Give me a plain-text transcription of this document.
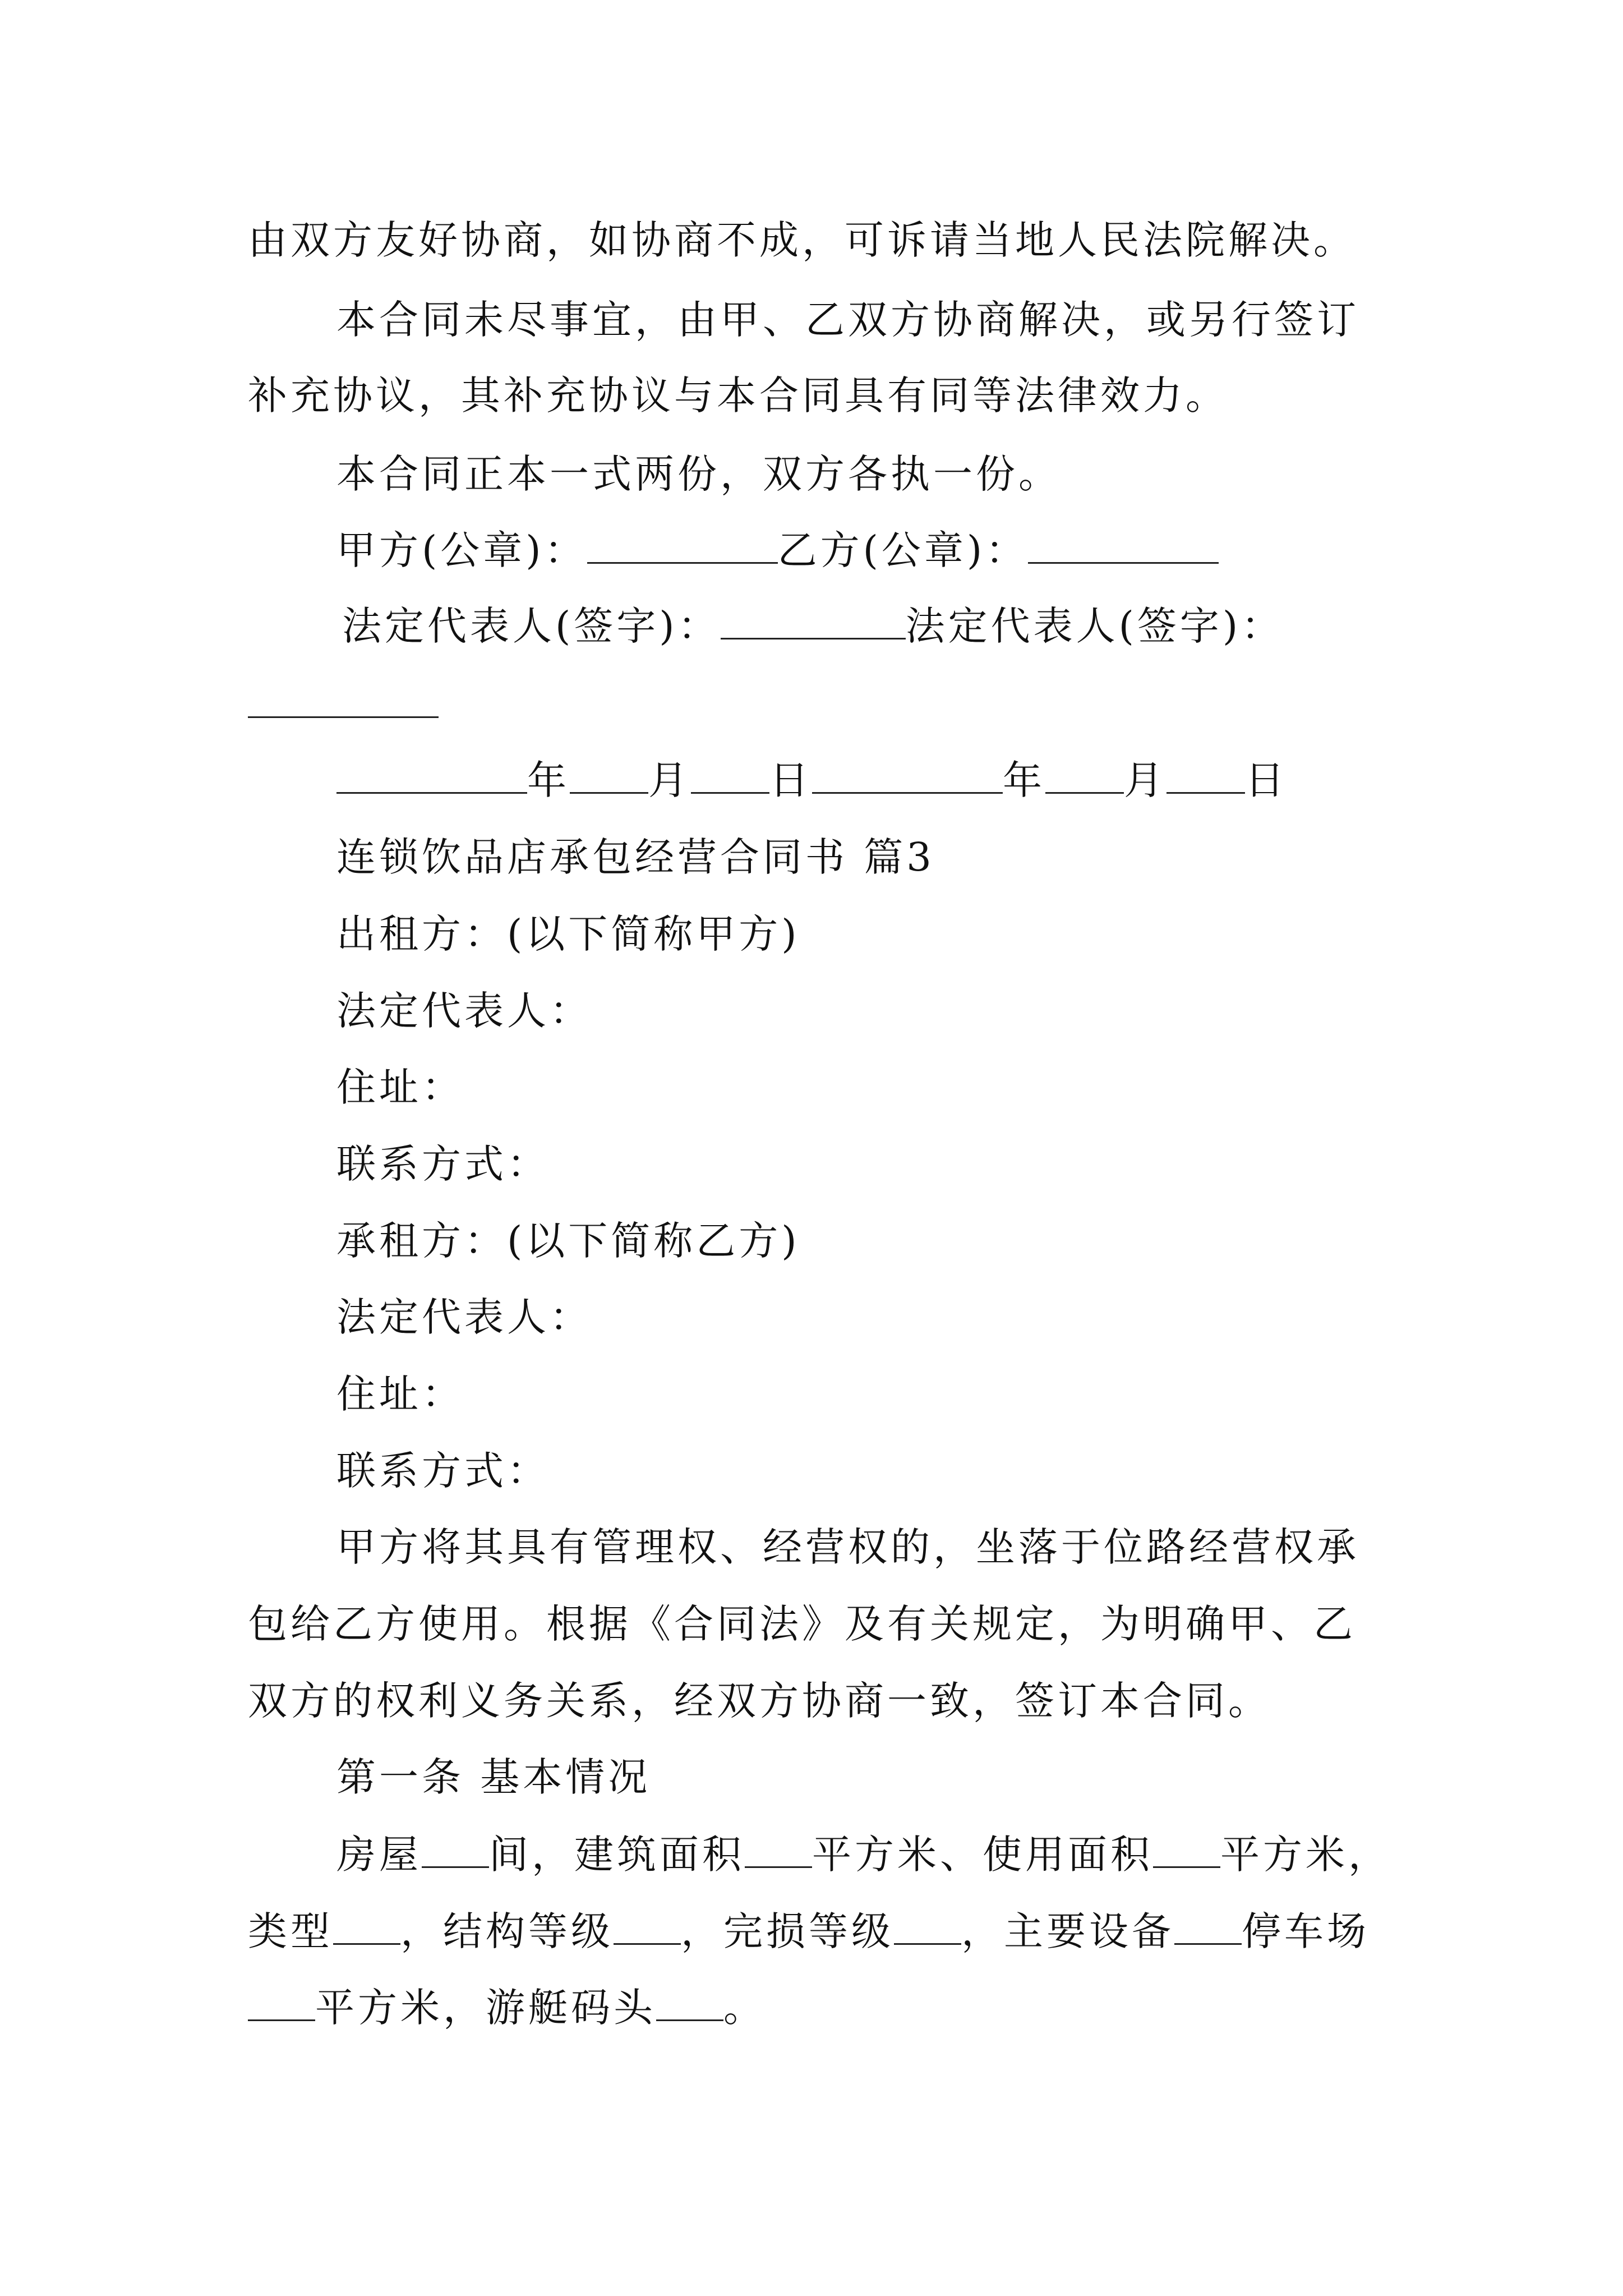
由双方友好协商，如协商不成，可诉请当地人民法院解决。
本合同未尽事宜，由甲、乙双方协商解决，或另行签订
补充协议，其补充协议与本合同具有同等法律效力。
本合同正本一式两份，双方各执一份。
甲方(公章)：	乙方(公章)：
法定代表人(签字)：	法定代表人(签字)：
年 月 日	年 月 日
连锁饮品店承包经营合同书 篇3
出租方：(以下简称甲方)
法定代表人：
住址：
联系方式：
承租方：(以下简称乙方)
法定代表人：
住址：
联系方式：
甲方将其具有管理权、经营权的，坐落于位路经营权承
包给乙方使用。根据《合同法》及有关规定，为明确甲、乙
双方的权利义务关系，经双方协商一致，签订本合同。
第一条 基本情况
房屋 间，建筑面积 平方米、使用面积 平方米，
类型 ，结构等级 ，完损等级 ，主要设备 停车场
平方米，游艇码头 。
